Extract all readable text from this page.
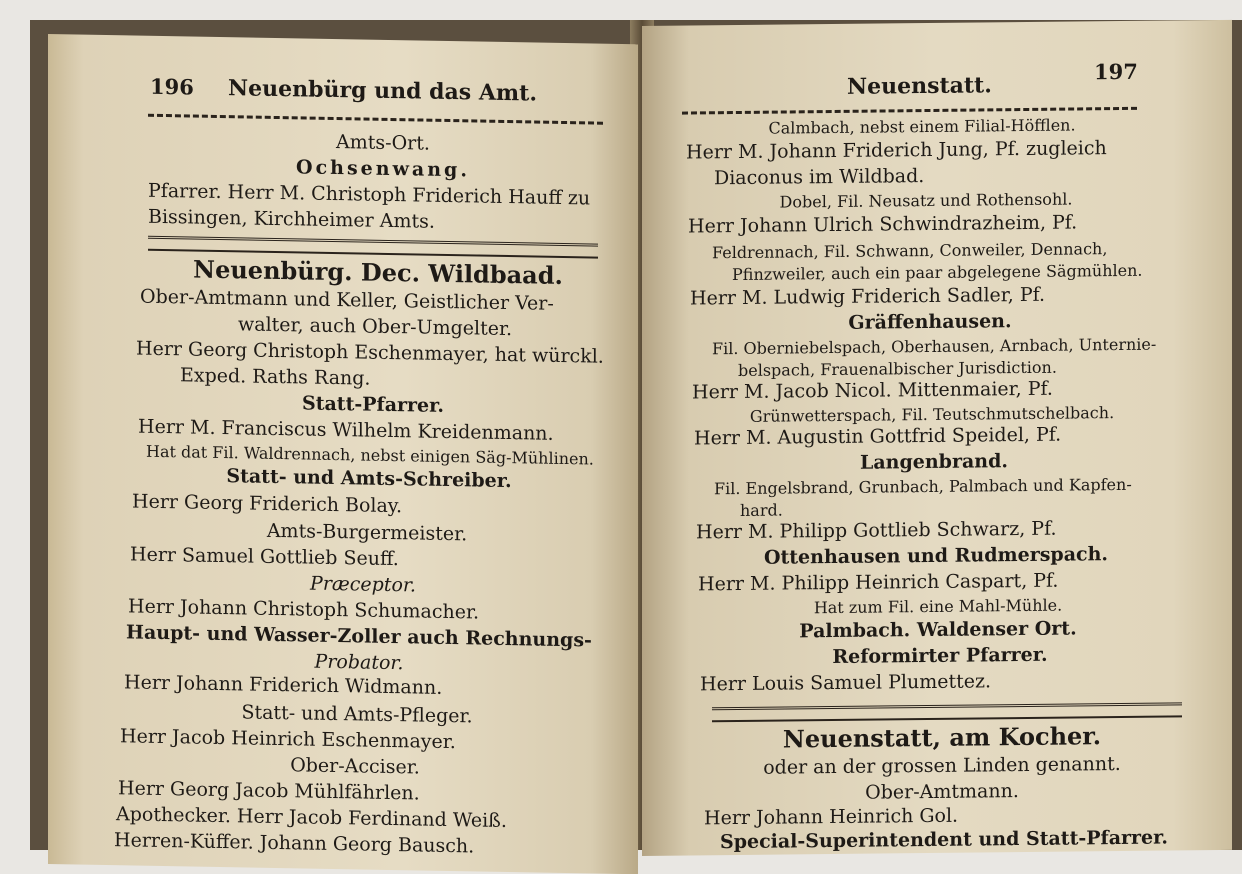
196 Neuenbürg und das Amt.
Amts-Ort.
Ochsenwang.
Pfarrer. Herr M. Christoph Friderich Hauff zu
Bissingen, Kirchheimer Amts.
Neuenbürg. Dec. Wildbaad.
Ober-Amtmann und Keller, Geistlicher Ver-
walter, auch Ober-Umgelter.
Herr Georg Christoph Eschenmayer, hat würckl.
Exped. Raths Rang.
Statt-Pfarrer.
Herr M. Franciscus Wilhelm Kreidenmann.
Hat dat Fil. Waldrennach, nebst einigen Säg-Mühlinen.
Statt- und Amts-Schreiber.
Herr Georg Friderich Bolay.
Amts-Burgermeister.
Herr Samuel Gottlieb Seuff.
Præceptor.
Herr Johann Christoph Schumacher.
Haupt- und Wasser-Zoller auch Rechnungs-
Probator.
Herr Johann Friderich Widmann.
Statt- und Amts-Pfleger.
Herr Jacob Heinrich Eschenmayer.
Ober-Acciser.
Herr Georg Jacob Mühlfährlen.
Apothecker. Herr Jacob Ferdinand Weiß.
Herren-Küffer. Johann Georg Bausch.
Neuenstatt.
197
Calmbach, nebst einem Filial-Höfflen.
Herr M. Johann Friderich Jung, Pf. zugleich
Diaconus im Wildbad.
Dobel, Fil. Neusatz und Rothensohl.
Herr Johann Ulrich Schwindrazheim, Pf.
Feldrennach, Fil. Schwann, Conweiler, Dennach,
Pfinzweiler, auch ein paar abgelegene Sägmühlen.
Herr M. Ludwig Friderich Sadler, Pf.
Gräffenhausen.
Fil. Oberniebelspach, Oberhausen, Arnbach, Unternie-
belspach, Frauenalbischer Jurisdiction.
Herr M. Jacob Nicol. Mittenmaier, Pf.
Grünwetterspach, Fil. Teutschmutschelbach.
Herr M. Augustin Gottfrid Speidel, Pf.
Langenbrand.
Fil. Engelsbrand, Grunbach, Palmbach und Kapfen-
hard.
Herr M. Philipp Gottlieb Schwarz, Pf.
Ottenhausen und Rudmerspach.
Herr M. Philipp Heinrich Caspart, Pf.
Hat zum Fil. eine Mahl-Mühle.
Palmbach. Waldenser Ort.
Reformirter Pfarrer.
Herr Louis Samuel Plumettez.
Neuenstatt, am Kocher.
oder an der grossen Linden genannt.
Ober-Amtmann.
Herr Johann Heinrich Gol.
Special-Superintendent und Statt-Pfarrer.
